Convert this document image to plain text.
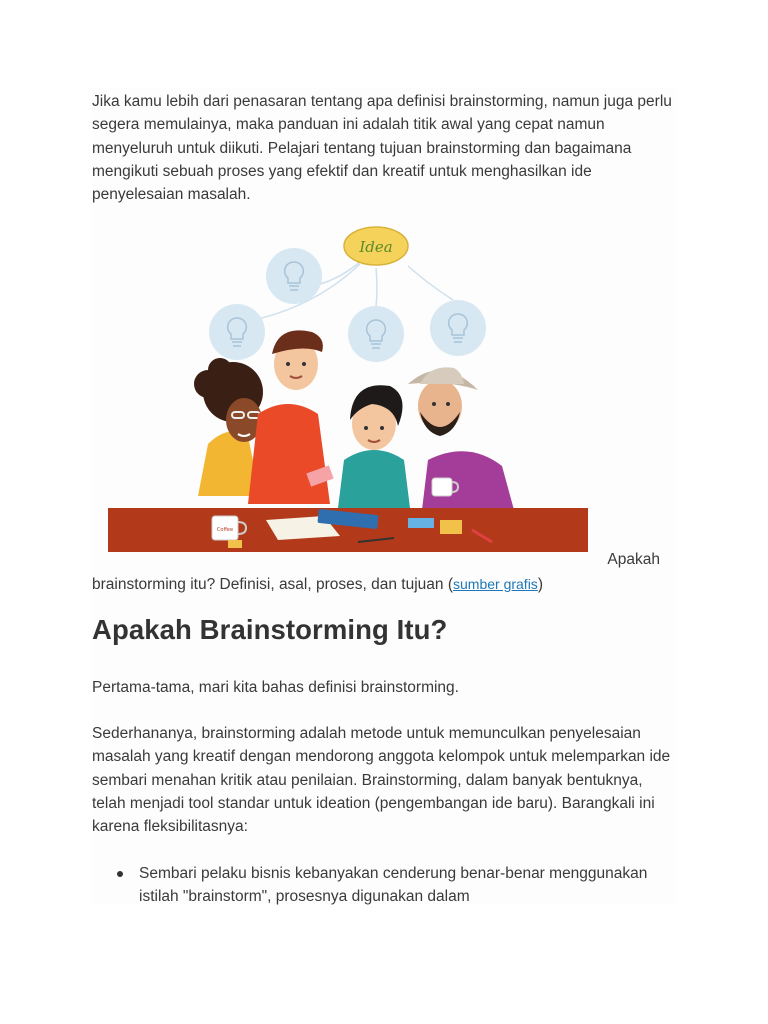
Jika kamu lebih dari penasaran tentang apa definisi brainstorming, namun juga perlu segera memulainya, maka panduan ini adalah titik awal yang cepat namun menyeluruh untuk diikuti. Pelajari tentang tujuan brainstorming dan bagaimana mengikuti sebuah proses yang efektif dan kreatif untuk menghasilkan ide penyelesaian masalah.

Idea
Coffee
Apakah
brainstorming itu? Definisi, asal, proses, dan tujuan (sumber grafis)
Apakah Brainstorming Itu?

Pertama-tama, mari kita bahas definisi brainstorming.

Sederhananya, brainstorming adalah metode untuk memunculkan penyelesaian masalah yang kreatif dengan mendorong anggota kelompok untuk melemparkan ide sembari menahan kritik atau penilaian. Brainstorming, dalam banyak bentuknya, telah menjadi tool standar untuk ideation (pengembangan ide baru). Barangkali ini karena fleksibilitasnya:

Sembari pelaku bisnis kebanyakan cenderung benar-benar menggunakan istilah "brainstorm", prosesnya digunakan dalam
